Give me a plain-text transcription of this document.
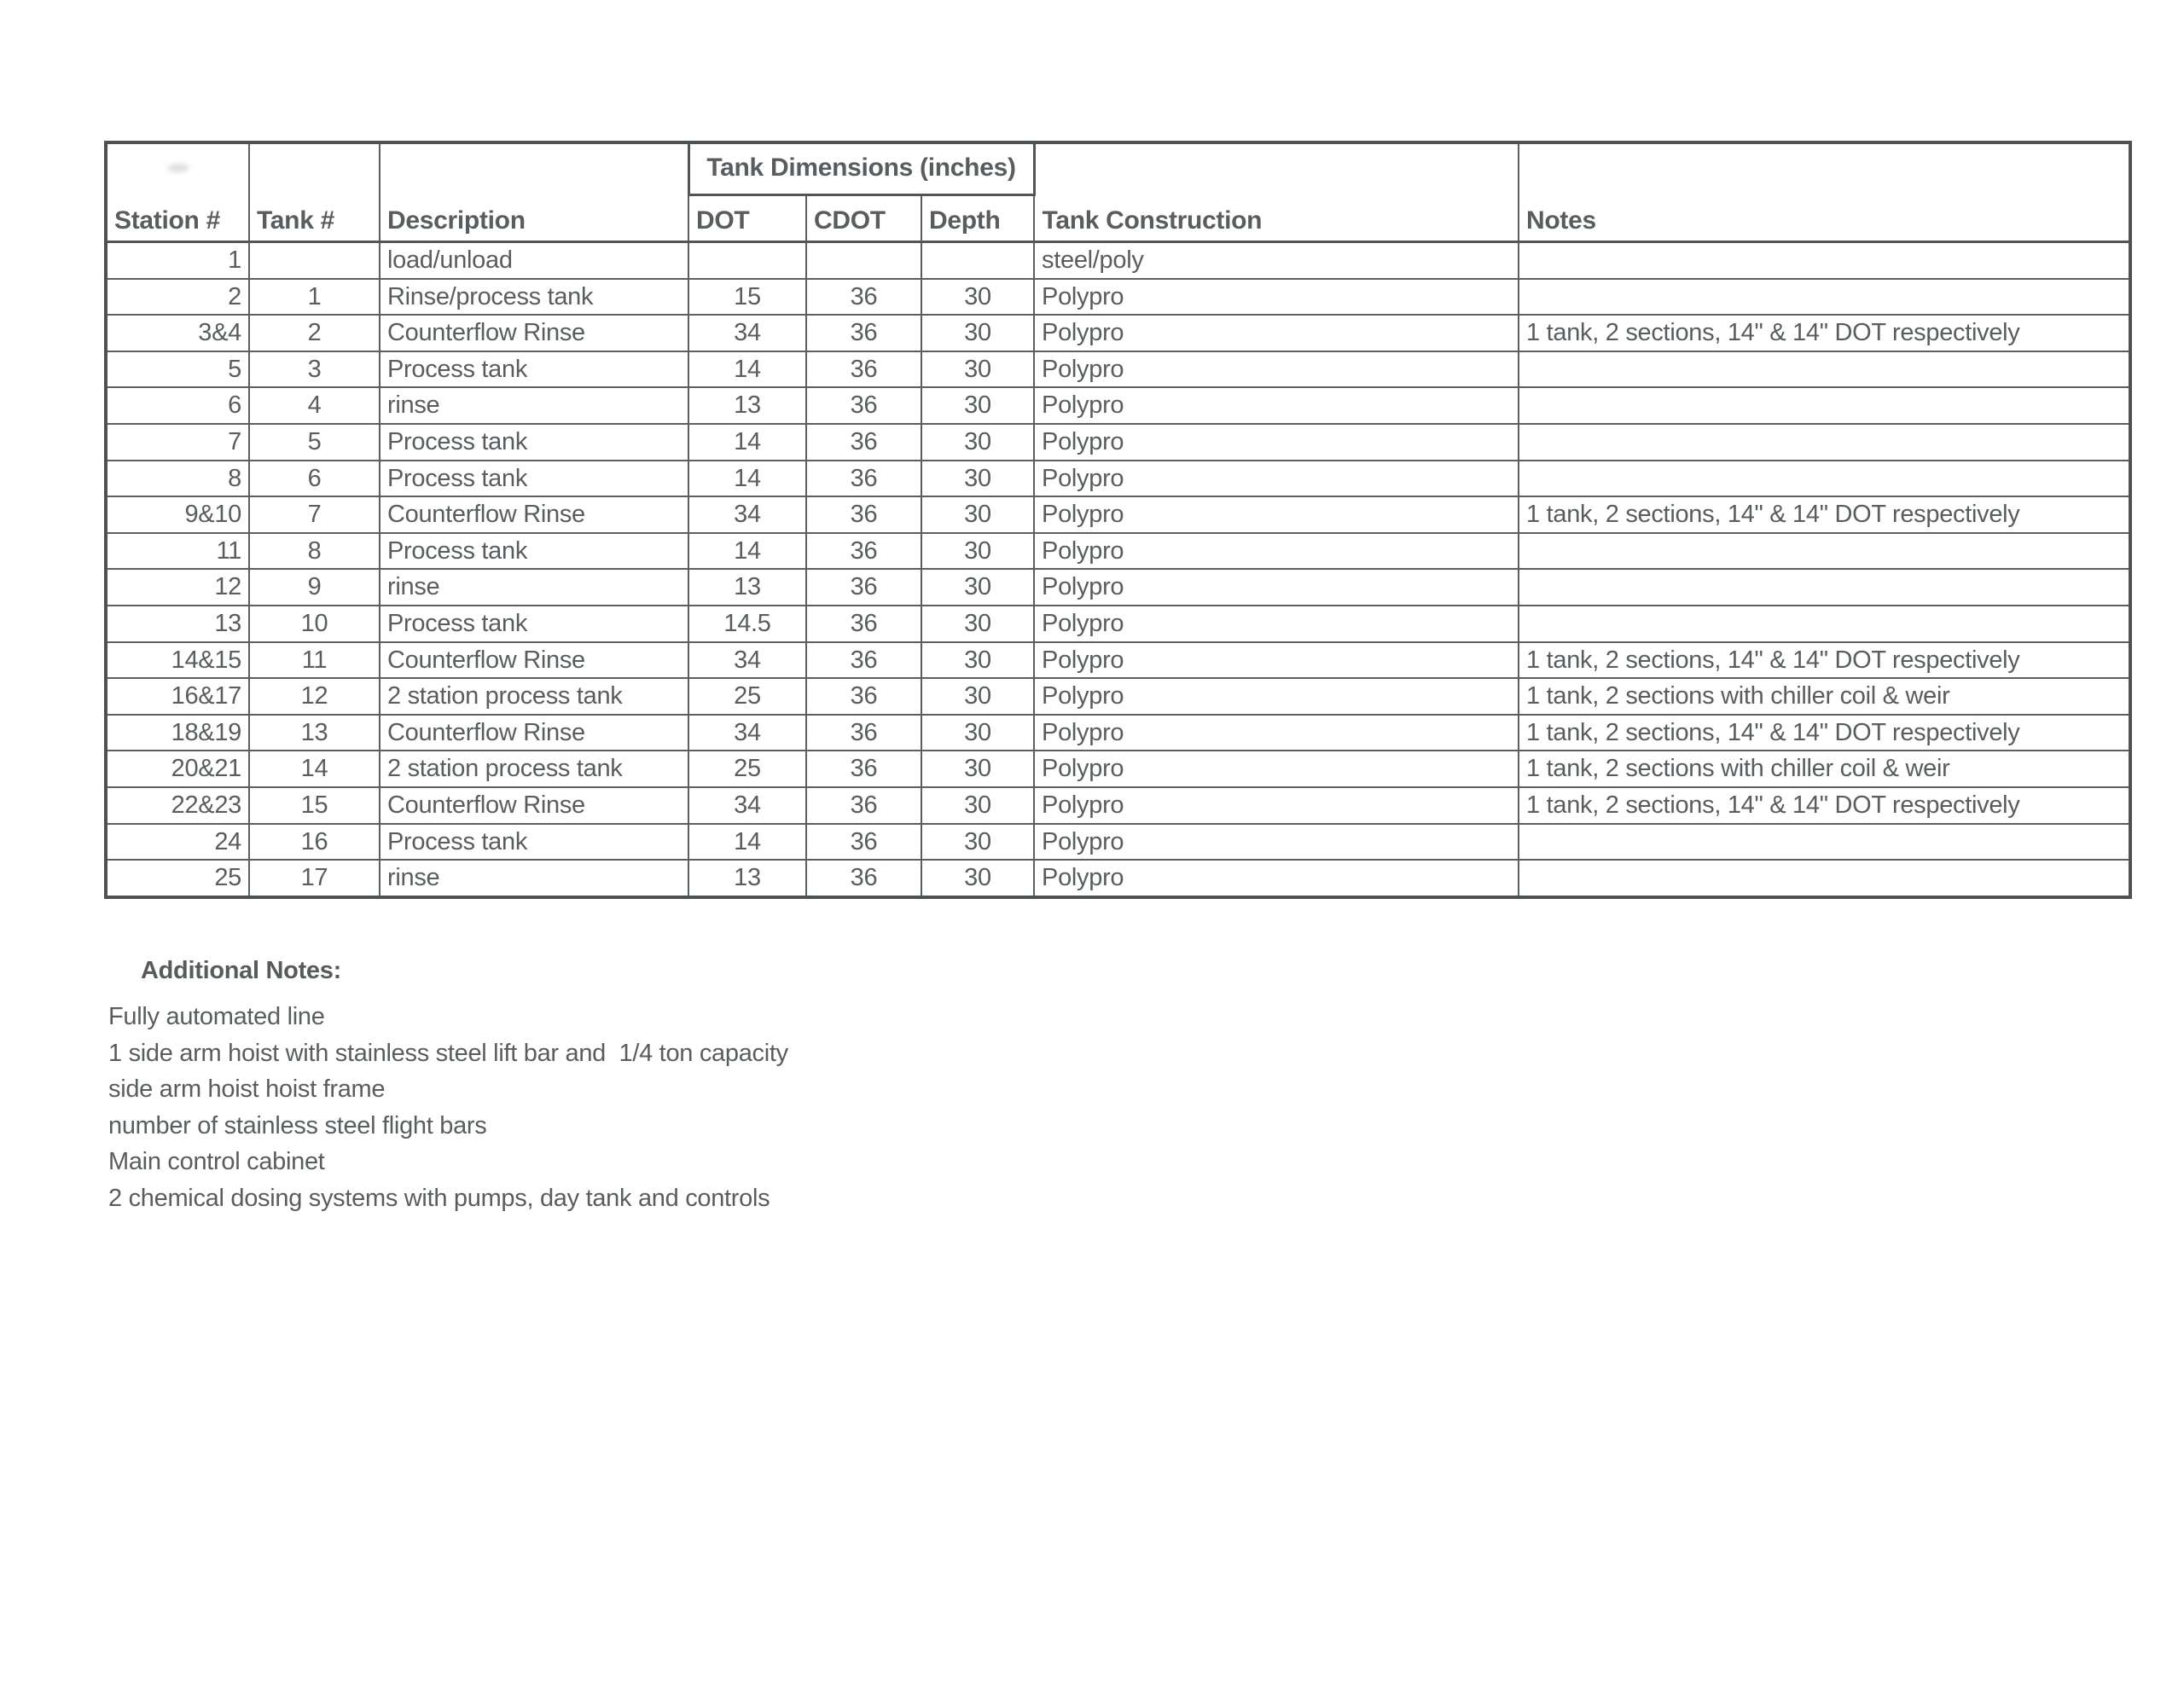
Station #	Tank #	Description	Tank Dimensions (inches)			Tank Construction	Notes
			DOT	CDOT	Depth		
1		load/unload				steel/poly	
2	1	Rinse/process tank	15	36	30	Polypro	
3&4	2	Counterflow Rinse	34	36	30	Polypro	1 tank, 2 sections, 14" & 14" DOT respectively
5	3	Process tank	14	36	30	Polypro	
6	4	rinse	13	36	30	Polypro	
7	5	Process tank	14	36	30	Polypro	
8	6	Process tank	14	36	30	Polypro	
9&10	7	Counterflow Rinse	34	36	30	Polypro	1 tank, 2 sections, 14" & 14" DOT respectively
11	8	Process tank	14	36	30	Polypro	
12	9	rinse	13	36	30	Polypro	
13	10	Process tank	14.5	36	30	Polypro	
14&15	11	Counterflow Rinse	34	36	30	Polypro	1 tank, 2 sections, 14" & 14" DOT respectively
16&17	12	2 station process tank	25	36	30	Polypro	1 tank, 2 sections with chiller coil & weir
18&19	13	Counterflow Rinse	34	36	30	Polypro	1 tank, 2 sections, 14" & 14" DOT respectively
20&21	14	2 station process tank	25	36	30	Polypro	1 tank, 2 sections with chiller coil & weir
22&23	15	Counterflow Rinse	34	36	30	Polypro	1 tank, 2 sections, 14" & 14" DOT respectively
24	16	Process tank	14	36	30	Polypro	
25	17	rinse	13	36	30	Polypro	
Additional Notes:
Fully automated line
1 side arm hoist with stainless steel lift bar and  1/4 ton capacity
side arm hoist hoist frame
number of stainless steel flight bars
Main control cabinet
2 chemical dosing systems with pumps, day tank and controls
